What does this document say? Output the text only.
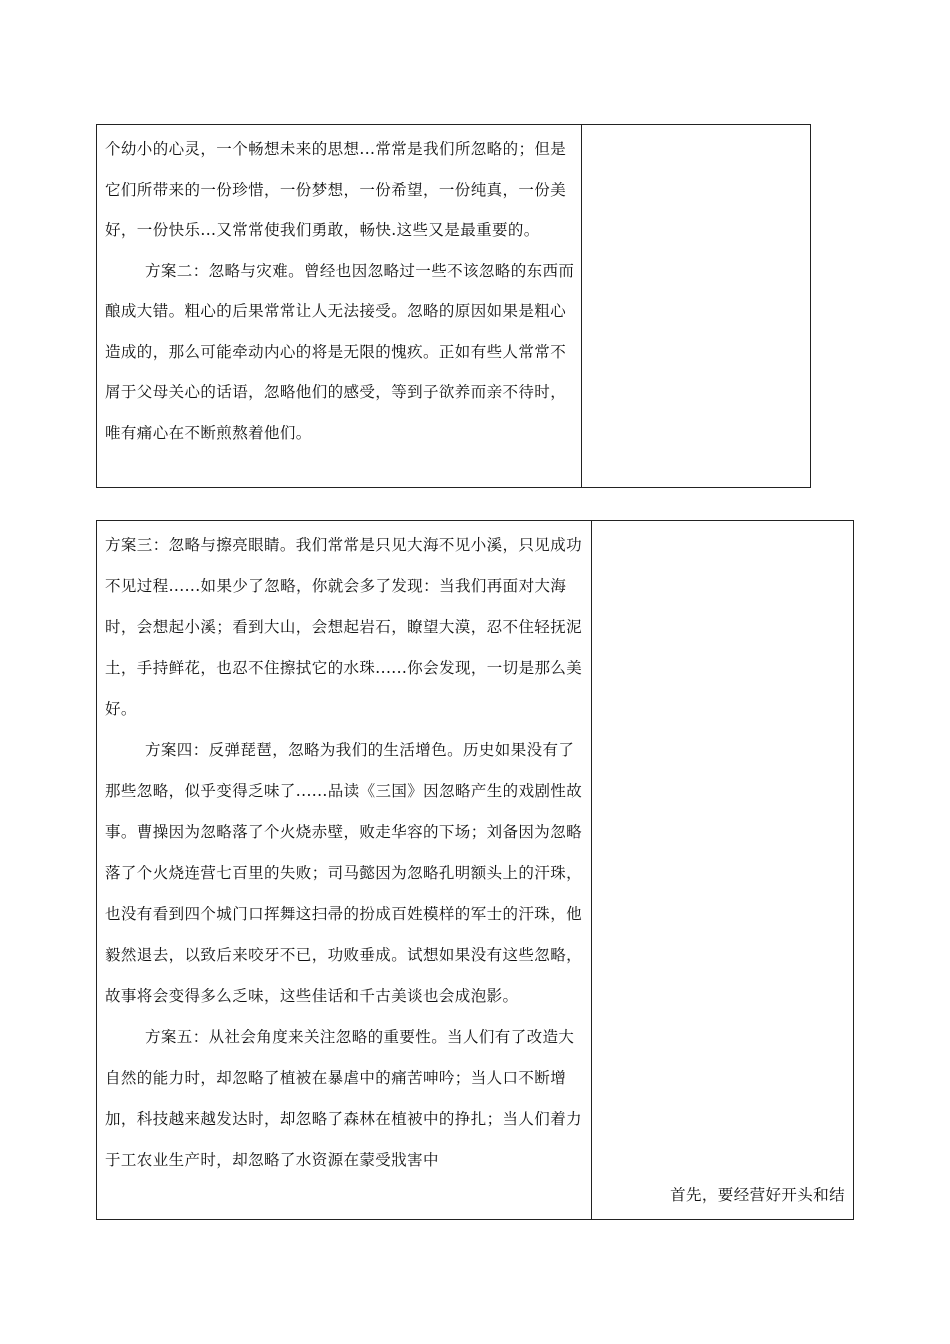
个幼小的心灵，一个畅想未来的思想...常常是我们所忽略的；但是它们所带来的一份珍惜，一份梦想，一份希望，一份纯真，一份美好，一份快乐...又常常使我们勇敢，畅快.这些又是最重要的。

方案二：忽略与灾难。曾经也因忽略过一些不该忽略的东西而酿成大错。粗心的后果常常让人无法接受。忽略的原因如果是粗心造成的，那么可能牵动内心的将是无限的愧疚。正如有些人常常不屑于父母关心的话语，忽略他们的感受，等到子欲养而亲不待时，唯有痛心在不断煎熬着他们。

方案三：忽略与擦亮眼睛。我们常常是只见大海不见小溪，只见成功不见过程......如果少了忽略，你就会多了发现：当我们再面对大海时，会想起小溪；看到大山，会想起岩石，瞭望大漠，忍不住轻抚泥土，手持鲜花，也忍不住擦拭它的水珠......你会发现，一切是那么美好。

方案四：反弹琵琶，忽略为我们的生活增色。历史如果没有了那些忽略，似乎变得乏味了......品读《三国》因忽略产生的戏剧性故事。曹操因为忽略落了个火烧赤壁，败走华容的下场；刘备因为忽略落了个火烧连营七百里的失败；司马懿因为忽略孔明额头上的汗珠，也没有看到四个城门口挥舞这扫帚的扮成百姓模样的军士的汗珠，他毅然退去，以致后来咬牙不已，功败垂成。试想如果没有这些忽略，故事将会变得多么乏味，这些佳话和千古美谈也会成泡影。

方案五：从社会角度来关注忽略的重要性。当人们有了改造大自然的能力时，却忽略了植被在暴虐中的痛苦呻吟；当人口不断增加，科技越来越发达时，却忽略了森林在植被中的挣扎；当人们着力于工农业生产时，却忽略了水资源在蒙受戕害中

首先，要经营好开头和结
